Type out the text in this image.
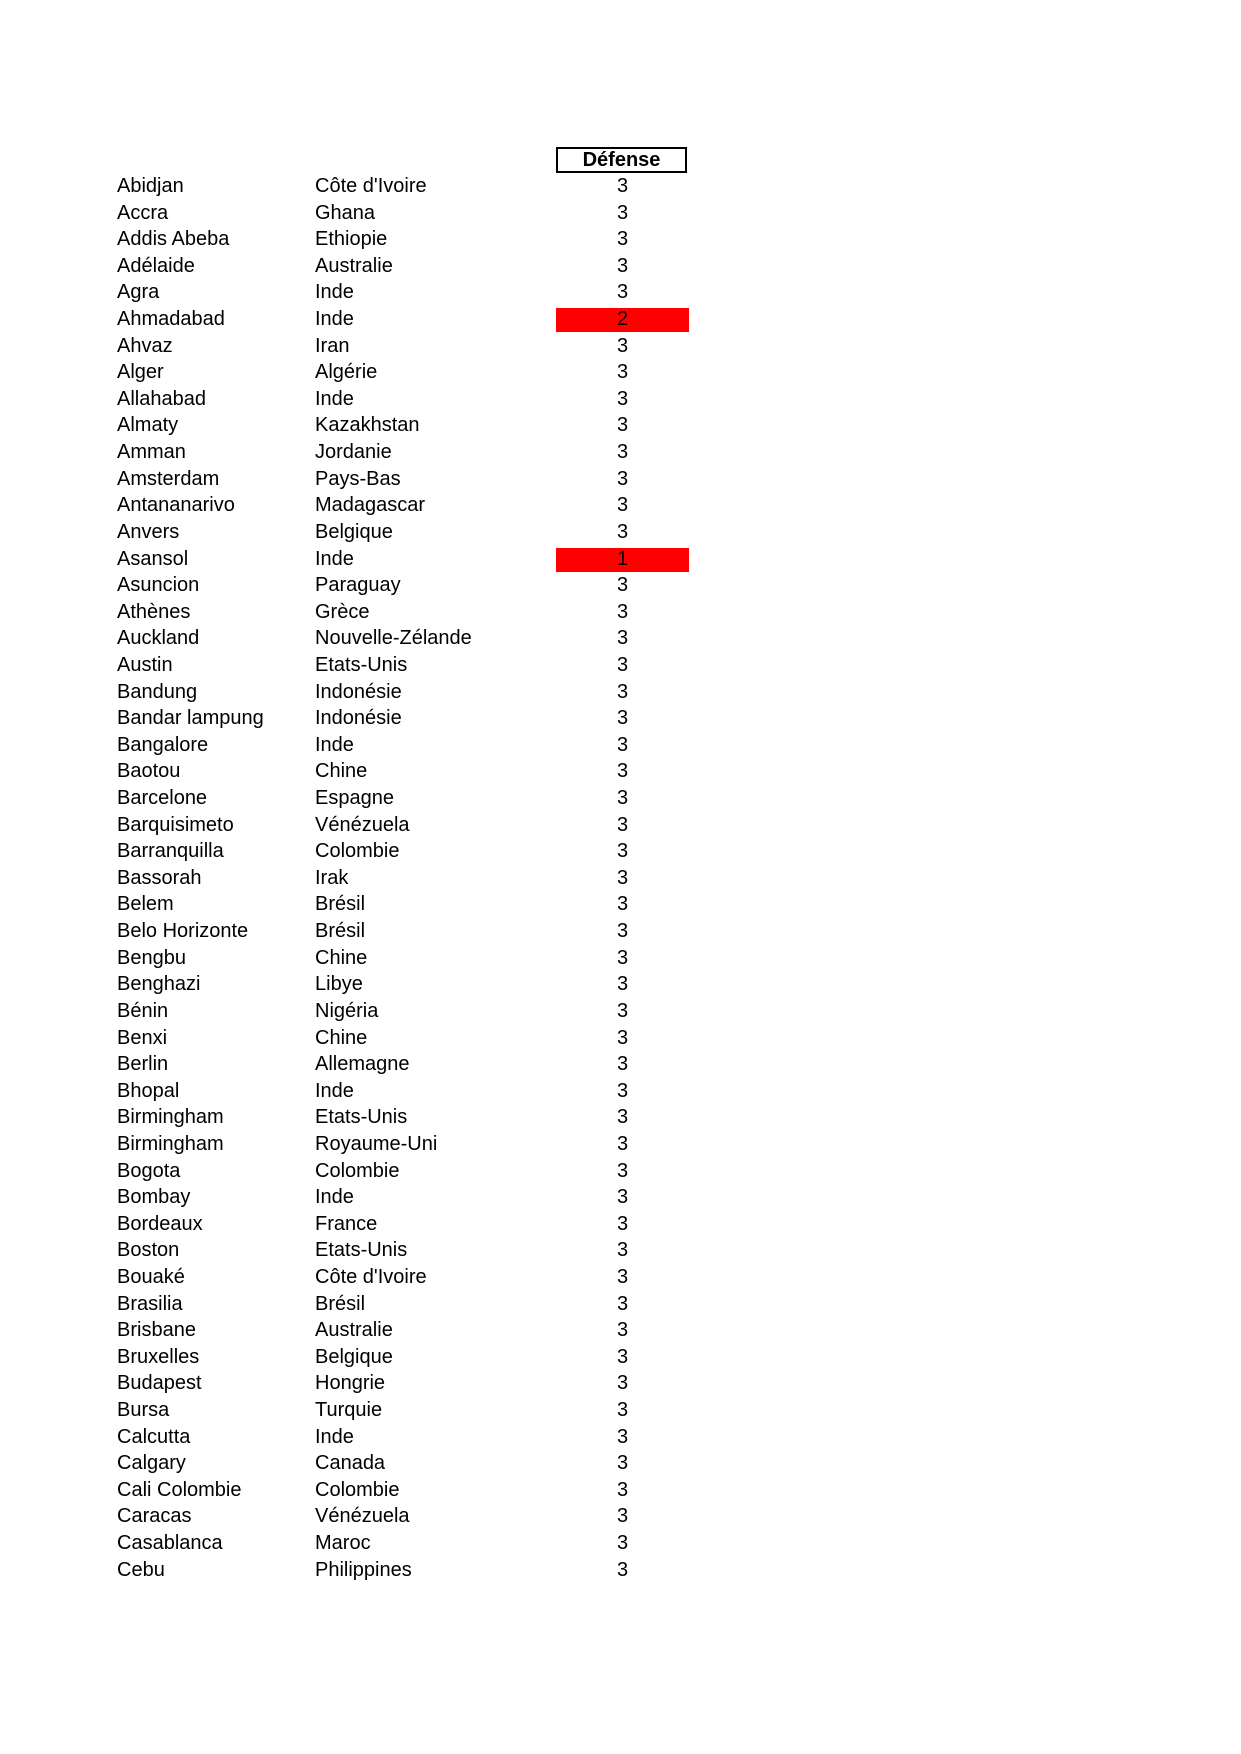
Défense
Abidjan	Côte d'Ivoire	3
Accra	Ghana	3
Addis Abeba	Ethiopie	3
Adélaide	Australie	3
Agra	Inde	3
Ahmadabad	Inde	2
Ahvaz	Iran	3
Alger	Algérie	3
Allahabad	Inde	3
Almaty	Kazakhstan	3
Amman	Jordanie	3
Amsterdam	Pays-Bas	3
Antananarivo	Madagascar	3
Anvers	Belgique	3
Asansol	Inde	1
Asuncion	Paraguay	3
Athènes	Grèce	3
Auckland	Nouvelle-Zélande	3
Austin	Etats-Unis	3
Bandung	Indonésie	3
Bandar lampung	Indonésie	3
Bangalore	Inde	3
Baotou	Chine	3
Barcelone	Espagne	3
Barquisimeto	Vénézuela	3
Barranquilla	Colombie	3
Bassorah	Irak	3
Belem	Brésil	3
Belo Horizonte	Brésil	3
Bengbu	Chine	3
Benghazi	Libye	3
Bénin	Nigéria	3
Benxi	Chine	3
Berlin	Allemagne	3
Bhopal	Inde	3
Birmingham	Etats-Unis	3
Birmingham	Royaume-Uni	3
Bogota	Colombie	3
Bombay	Inde	3
Bordeaux	France	3
Boston	Etats-Unis	3
Bouaké	Côte d'Ivoire	3
Brasilia	Brésil	3
Brisbane	Australie	3
Bruxelles	Belgique	3
Budapest	Hongrie	3
Bursa	Turquie	3
Calcutta	Inde	3
Calgary	Canada	3
Cali Colombie	Colombie	3
Caracas	Vénézuela	3
Casablanca	Maroc	3
Cebu	Philippines	3
